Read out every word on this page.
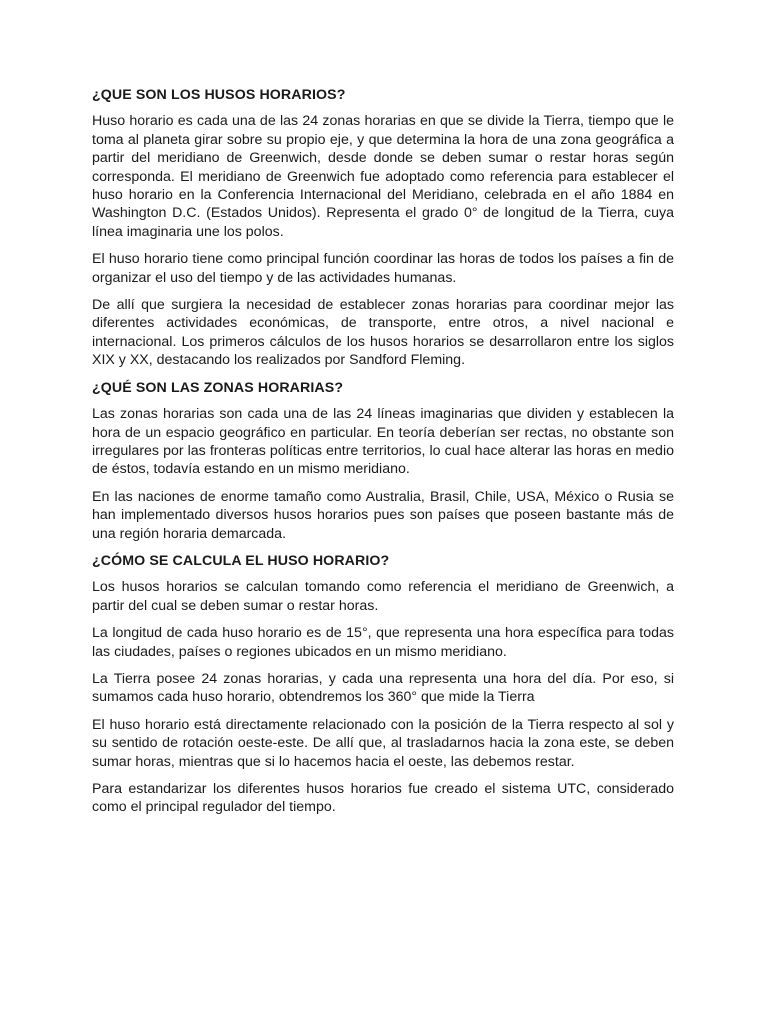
¿QUE SON LOS HUSOS HORARIOS?

Huso horario es cada una de las 24 zonas horarias en que se divide la Tierra, tiempo que le toma al planeta girar sobre su propio eje, y que determina la hora de una zona geográfica a partir del meridiano de Greenwich, desde donde se deben sumar o restar horas según corresponda. El meridiano de Greenwich fue adoptado como referencia para establecer el huso horario en la Conferencia Internacional del Meridiano, celebrada en el año 1884 en Washington D.C. (Estados Unidos). Representa el grado 0° de longitud de la Tierra, cuya línea imaginaria une los polos.

El huso horario tiene como principal función coordinar las horas de todos los países a fin de organizar el uso del tiempo y de las actividades humanas.

De allí que surgiera la necesidad de establecer zonas horarias para coordinar mejor las diferentes actividades económicas, de transporte, entre otros, a nivel nacional e internacional. Los primeros cálculos de los husos horarios se desarrollaron entre los siglos XIX y XX, destacando los realizados por Sandford Fleming.

¿QUÉ SON LAS ZONAS HORARIAS?

Las zonas horarias son cada una de las 24 líneas imaginarias que dividen y establecen la hora de un espacio geográfico en particular. En teoría deberían ser rectas, no obstante son irregulares por las fronteras políticas entre territorios, lo cual hace alterar las horas en medio de éstos, todavía estando en un mismo meridiano.

En las naciones de enorme tamaño como Australia, Brasil, Chile, USA, México o Rusia se han implementado diversos husos horarios pues son países que poseen bastante más de una región horaria demarcada.

¿CÓMO SE CALCULA EL HUSO HORARIO?

Los husos horarios se calculan tomando como referencia el meridiano de Greenwich, a partir del cual se deben sumar o restar horas.

La longitud de cada huso horario es de 15°, que representa una hora específica para todas las ciudades, países o regiones ubicados en un mismo meridiano.

La Tierra posee 24 zonas horarias, y cada una representa una hora del día. Por eso, si sumamos cada huso horario, obtendremos los 360° que mide la Tierra

El huso horario está directamente relacionado con la posición de la Tierra respecto al sol y su sentido de rotación oeste-este. De allí que, al trasladarnos hacia la zona este, se deben sumar horas, mientras que si lo hacemos hacia el oeste, las debemos restar.

Para estandarizar los diferentes husos horarios fue creado el sistema UTC, considerado como el principal regulador del tiempo.
